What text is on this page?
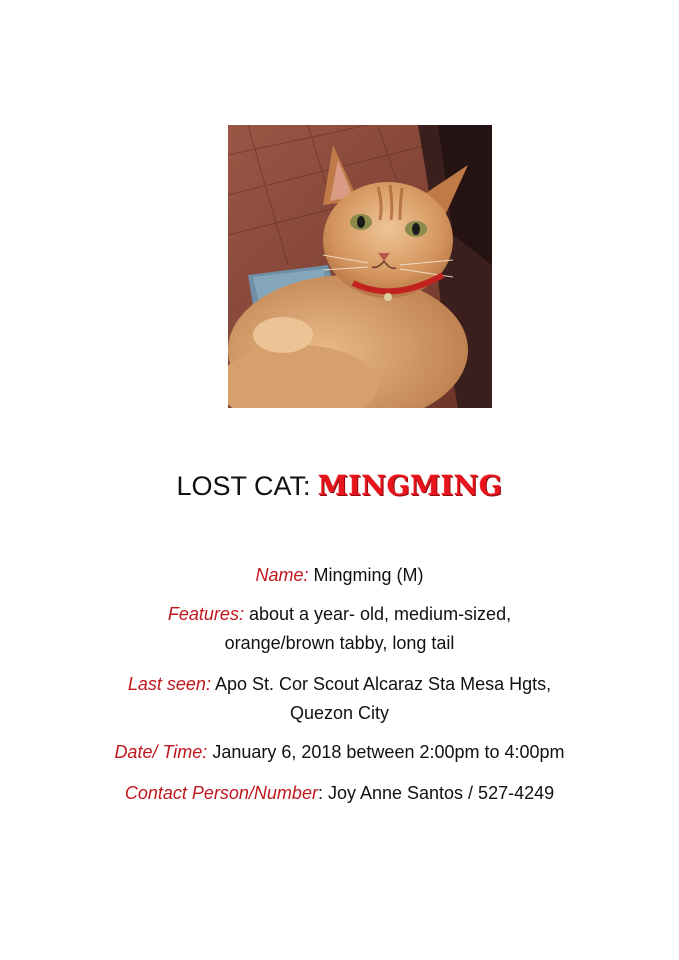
LOST CAT: MINGMING
Name: Mingming (M)
Features: about a year- old, medium-sized,
orange/brown tabby, long tail
Last seen: Apo St. Cor Scout Alcaraz Sta Mesa Hgts,
Quezon City
Date/ Time: January 6, 2018 between 2:00pm to 4:00pm
Contact Person/Number: Joy Anne Santos / 527-4249
